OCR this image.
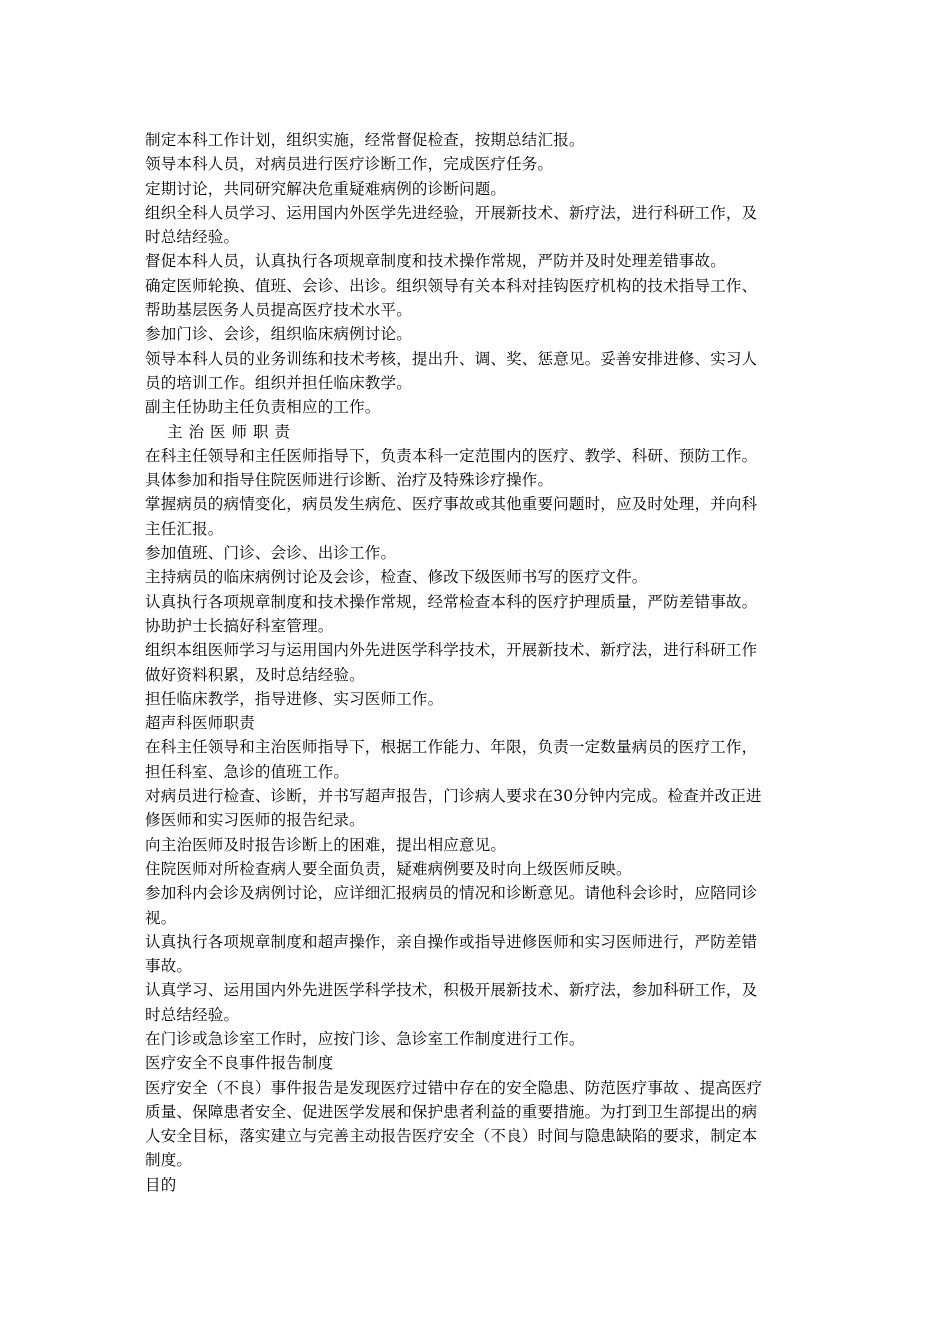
制定本科工作计划，组织实施，经常督促检查，按期总结汇报。
领导本科人员，对病员进行医疗诊断工作，完成医疗任务。
定期讨论，共同研究解决危重疑难病例的诊断问题。
组织全科人员学习、运用国内外医学先进经验，开展新技术、新疗法，进行科研工作，及
时总结经验。
督促本科人员，认真执行各项规章制度和技术操作常规，严防并及时处理差错事故。
确定医师轮换、值班、会诊、出诊。组织领导有关本科对挂钩医疗机构的技术指导工作、
帮助基层医务人员提高医疗技术水平。
参加门诊、会诊，组织临床病例讨论。
领导本科人员的业务训练和技术考核，提出升、调、奖、惩意见。妥善安排进修、实习人
员的培训工作。组织并担任临床教学。
副主任协助主任负责相应的工作。
主治医师职责
在科主任领导和主任医师指导下，负责本科一定范围内的医疗、教学、科研、预防工作。
具体参加和指导住院医师进行诊断、治疗及特殊诊疗操作。
掌握病员的病情变化，病员发生病危、医疗事故或其他重要问题时，应及时处理，并向科
主任汇报。
参加值班、门诊、会诊、出诊工作。
主持病员的临床病例讨论及会诊，检查、修改下级医师书写的医疗文件。
认真执行各项规章制度和技术操作常规，经常检查本科的医疗护理质量，严防差错事故。
协助护士长搞好科室管理。
组织本组医师学习与运用国内外先进医学科学技术，开展新技术、新疗法，进行科研工作
做好资料积累，及时总结经验。
担任临床教学，指导进修、实习医师工作。
超声科医师职责
在科主任领导和主治医师指导下，根据工作能力、年限，负责一定数量病员的医疗工作，
担任科室、急诊的值班工作。
对病员进行检查、诊断，并书写超声报告，门诊病人要求在30分钟内完成。检查并改正进
修医师和实习医师的报告纪录。
向主治医师及时报告诊断上的困难，提出相应意见。
住院医师对所检查病人要全面负责，疑难病例要及时向上级医师反映。
参加科内会诊及病例讨论，应详细汇报病员的情况和诊断意见。请他科会诊时，应陪同诊
视。
认真执行各项规章制度和超声操作，亲自操作或指导进修医师和实习医师进行，严防差错
事故。
认真学习、运用国内外先进医学科学技术，积极开展新技术、新疗法，参加科研工作，及
时总结经验。
在门诊或急诊室工作时，应按门诊、急诊室工作制度进行工作。
医疗安全不良事件报告制度
医疗安全（不良）事件报告是发现医疗过错中存在的安全隐患、防范医疗事故 、提高医疗
质量、保障患者安全、促进医学发展和保护患者利益的重要措施。为打到卫生部提出的病
人安全目标，落实建立与完善主动报告医疗安全（不良）时间与隐患缺陷的要求，制定本
制度。
目的
